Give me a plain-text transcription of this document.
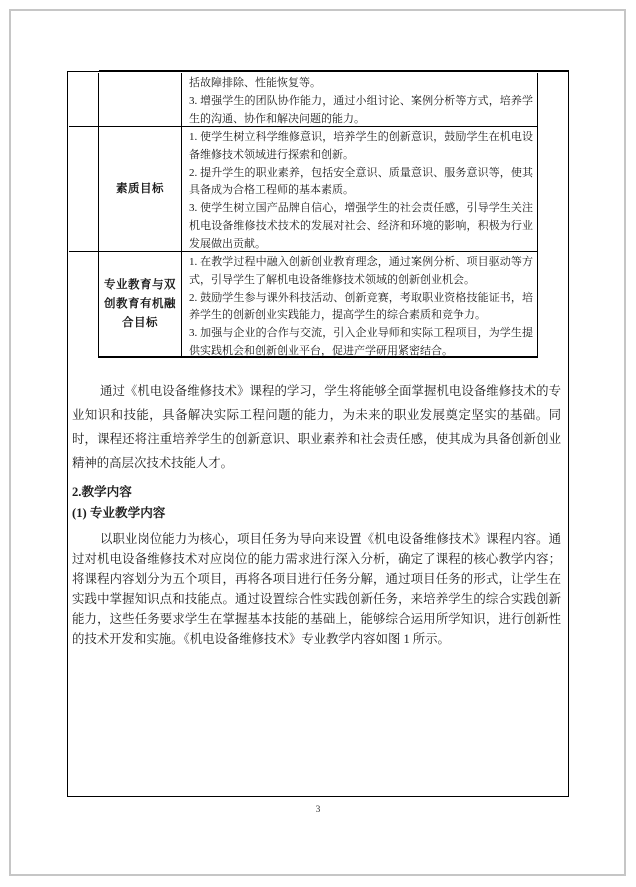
括故障排除、性能恢复等。

3. 增强学生的团队协作能力，通过小组讨论、案例分析等方式，培养学生的沟通、协作和解决问题的能力。

素质目标

1. 使学生树立科学维修意识，培养学生的创新意识，鼓励学生在机电设备维修技术领域进行探索和创新。

2. 提升学生的职业素养，包括安全意识、质量意识、服务意识等，使其具备成为合格工程师的基本素质。

3. 使学生树立国产品牌自信心，增强学生的社会责任感，引导学生关注机电设备维修技术技术的发展对社会、经济和环境的影响，积极为行业发展做出贡献。

专业教育与双创教育有机融合目标

1. 在教学过程中融入创新创业教育理念，通过案例分析、项目驱动等方式，引导学生了解机电设备维修技术领域的创新创业机会。

2. 鼓励学生参与课外科技活动、创新竞赛，考取职业资格技能证书，培养学生的创新创业实践能力，提高学生的综合素质和竞争力。

3. 加强与企业的合作与交流，引入企业导师和实际工程项目，为学生提供实践机会和创新创业平台，促进产学研用紧密结合。

通过《机电设备维修技术》课程的学习，学生将能够全面掌握机电设备维修技术的专业知识和技能，具备解决实际工程问题的能力，为未来的职业发展奠定坚实的基础。同时，课程还将注重培养学生的创新意识、职业素养和社会责任感，使其成为具备创新创业精神的高层次技术技能人才。

2.教学内容
(1) 专业教学内容

以职业岗位能力为核心，项目任务为导向来设置《机电设备维修技术》课程内容。通过对机电设备维修技术对应岗位的能力需求进行深入分析，确定了课程的核心教学内容；将课程内容划分为五个项目，再将各项目进行任务分解，通过项目任务的形式，让学生在实践中掌握知识点和技能点。通过设置综合性实践创新任务，来培养学生的综合实践创新能力，这些任务要求学生在掌握基本技能的基础上，能够综合运用所学知识，进行创新性的技术开发和实施。《机电设备维修技术》专业教学内容如图 1 所示。

3
